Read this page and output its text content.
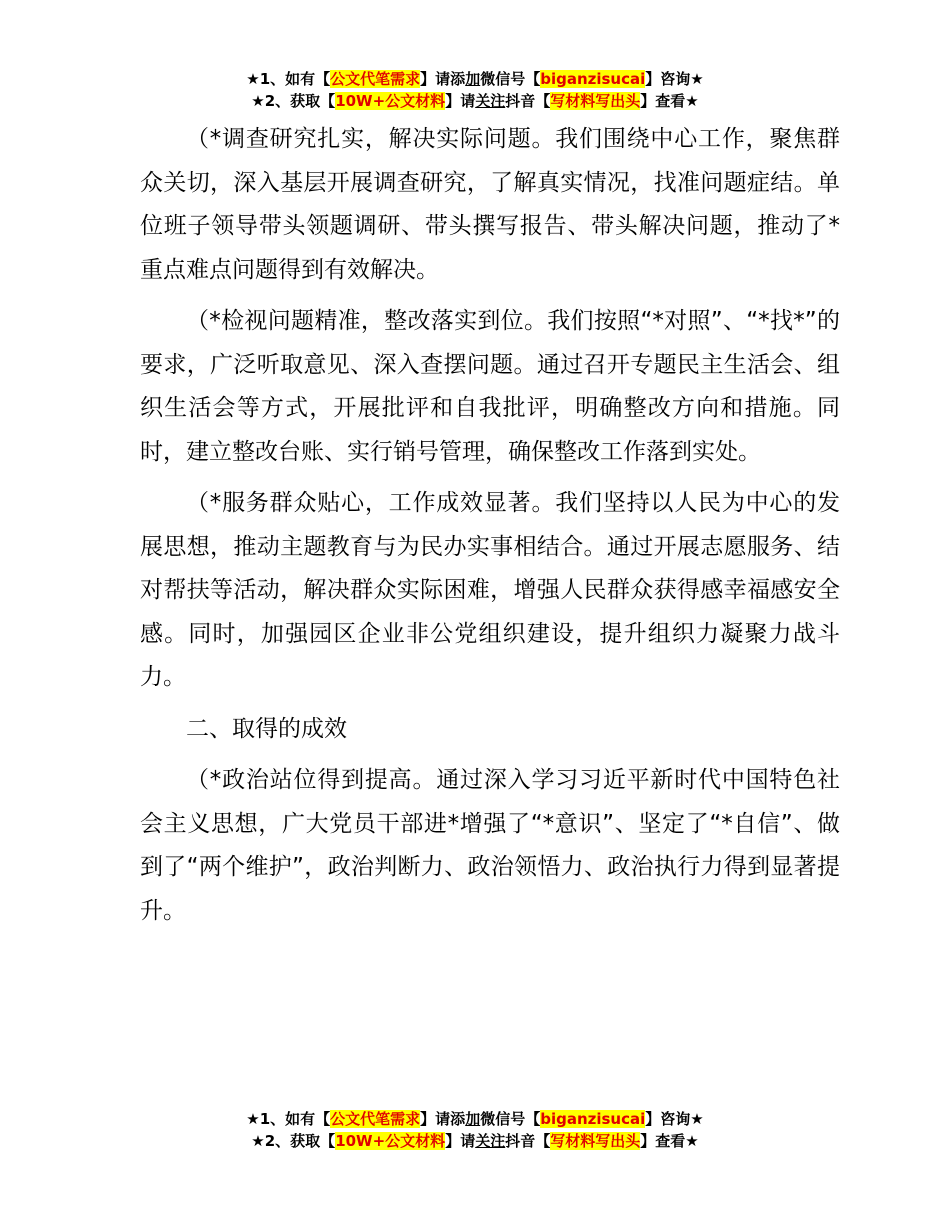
★1、如有【公文代笔需求】请添加微信号【biganzisucai】咨询★
★2、获取【10W+公文材料】请关注抖音【写材料写出头】查看★

（*调查研究扎实，解决实际问题。我们围绕中心工作，聚焦群众关切，深入基层开展调查研究，了解真实情况，找准问题症结。单位班子领导带头领题调研、带头撰写报告、带头解决问题，推动了*重点难点问题得到有效解决。

（*检视问题精准，整改落实到位。我们按照“*对照”、“*找*”的要求，广泛听取意见、深入查摆问题。通过召开专题民主生活会、组织生活会等方式，开展批评和自我批评，明确整改方向和措施。同时，建立整改台账、实行销号管理，确保整改工作落到实处。

（*服务群众贴心，工作成效显著。我们坚持以人民为中心的发展思想，推动主题教育与为民办实事相结合。通过开展志愿服务、结对帮扶等活动，解决群众实际困难，增强人民群众获得感幸福感安全感。同时，加强园区企业非公党组织建设，提升组织力凝聚力战斗力。

二、取得的成效

（*政治站位得到提高。通过深入学习习近平新时代中国特色社会主义思想，广大党员干部进*增强了“*意识”、坚定了“*自信”、做到了“两个维护”，政治判断力、政治领悟力、政治执行力得到显著提升。

★1、如有【公文代笔需求】请添加微信号【biganzisucai】咨询★
★2、获取【10W+公文材料】请关注抖音【写材料写出头】查看★
